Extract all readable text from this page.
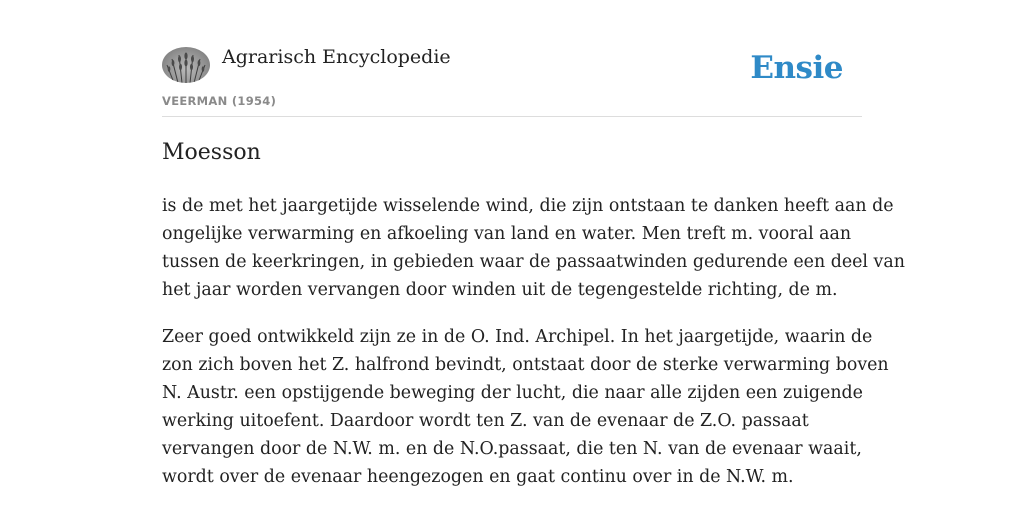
Agrarisch Encyclopedie
VEERMAN (1954)
Ensie
Moesson

is de met het jaargetijde wisselende wind, die zijn ontstaan te danken heeft aan de
ongelijke verwarming en afkoeling van land en water. Men treft m. vooral aan
tussen de keerkringen, in gebieden waar de passaatwinden gedurende een deel van
het jaar worden vervangen door winden uit de tegengestelde richting, de m.

Zeer goed ontwikkeld zijn ze in de O. Ind. Archipel. In het jaargetijde, waarin de
zon zich boven het Z. halfrond bevindt, ontstaat door de sterke verwarming boven
N. Austr. een opstijgende beweging der lucht, die naar alle zijden een zuigende
werking uitoefent. Daardoor wordt ten Z. van de evenaar de Z.O. passaat
vervangen door de N.W. m. en de N.O.passaat, die ten N. van de evenaar waait,
wordt over de evenaar heengezogen en gaat continu over in de N.W. m.
